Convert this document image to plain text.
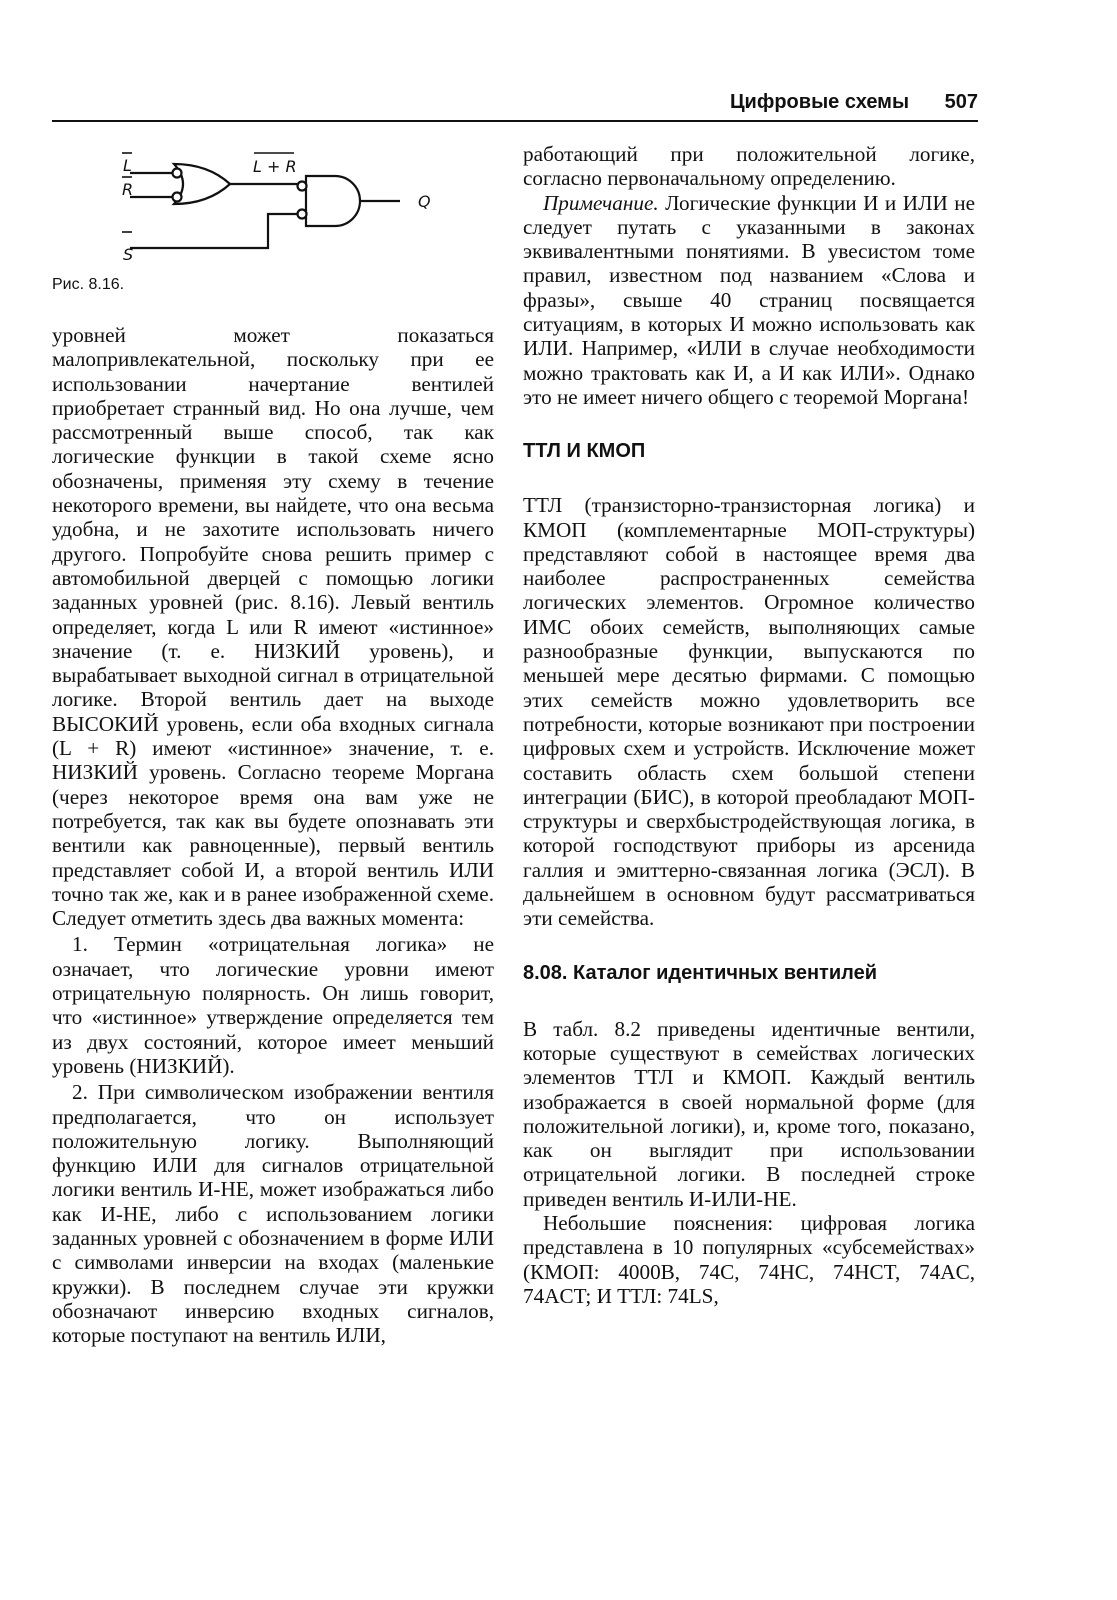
Цифровые схемы 507
L
R
S
L + R
Q
Рис. 8.16.

уровней может показаться малопривлекательной, поскольку при ее использовании начертание вентилей приобретает странный вид. Но она лучше, чем рассмотренный выше способ, так как логические функции в такой схеме ясно обозначены, применяя эту схему в течение некоторого времени, вы найдете, что она весьма удобна, и не захотите использовать ничего другого. Попробуйте снова решить пример с автомобильной дверцей с помощью логики заданных уровней (рис. 8.16). Левый вентиль определяет, когда L или R имеют «истинное» значение (т. е. НИЗКИЙ уровень), и вырабатывает выходной сигнал в отрицательной логике. Второй вентиль дает на выходе ВЫСОКИЙ уровень, если оба входных сигнала (L + R) имеют «истинное» значение, т. е. НИЗКИЙ уровень. Согласно теореме Моргана (через некоторое время она вам уже не потребуется, так как вы будете опознавать эти вентили как равноценные), первый вентиль представляет собой И, а второй вентиль ИЛИ точно так же, как и в ранее изображенной схеме. Следует отметить здесь два важных момента:

1. Термин «отрицательная логика» не означает, что логические уровни имеют отрицательную полярность. Он лишь говорит, что «истинное» утверждение определяется тем из двух состояний, которое имеет меньший уровень (НИЗКИЙ).

2. При символическом изображении вентиля предполагается, что он использует положительную логику. Выполняющий функцию ИЛИ для сигналов отрицательной логики вентиль И-НЕ, может изображаться либо как И-НЕ, либо с использованием логики заданных уровней с обозначением в форме ИЛИ с символами инверсии на входах (маленькие кружки). В последнем случае эти кружки обозначают инверсию входных сигналов, которые поступают на вентиль ИЛИ,

работающий при положительной логике, согласно первоначальному определению.

Примечание. Логические функции И и ИЛИ не следует путать с указанными в законах эквивалентными понятиями. В увесистом томе правил, известном под названием «Слова и фразы», свыше 40 страниц посвящается ситуациям, в которых И можно использовать как ИЛИ. Например, «ИЛИ в случае необходимости можно трактовать как И, а И как ИЛИ». Однако это не имеет ничего общего с теоремой Моргана!

ТТЛ И КМОП

ТТЛ (транзисторно-транзисторная логика) и КМОП (комплементарные МОП-структуры) представляют собой в настоящее время два наиболее распространенных семейства логических элементов. Огромное количество ИМС обоих семейств, выполняющих самые разнообразные функции, выпускаются по меньшей мере десятью фирмами. С помощью этих семейств можно удовлетворить все потребности, которые возникают при построении цифровых схем и устройств. Исключение может составить область схем большой степени интеграции (БИС), в которой преобладают МОП-структуры и сверхбыстродействующая логика, в которой господствуют приборы из арсенида галлия и эмиттерно-связанная логика (ЭСЛ). В дальнейшем в основном будут рассматриваться эти семейства.

8.08. Каталог идентичных вентилей

В табл. 8.2 приведены идентичные вентили, которые существуют в семействах логических элементов ТТЛ и КМОП. Каждый вентиль изображается в своей нормальной форме (для положительной логики), и, кроме того, показано, как он выглядит при использовании отрицательной логики. В последней строке приведен вентиль И-ИЛИ-НЕ.

Небольшие пояснения: цифровая логика представлена в 10 популярных «субсемействах» (КМОП: 4000B, 74C, 74HC, 74HCT, 74AC, 74ACT; И ТТЛ: 74LS,
